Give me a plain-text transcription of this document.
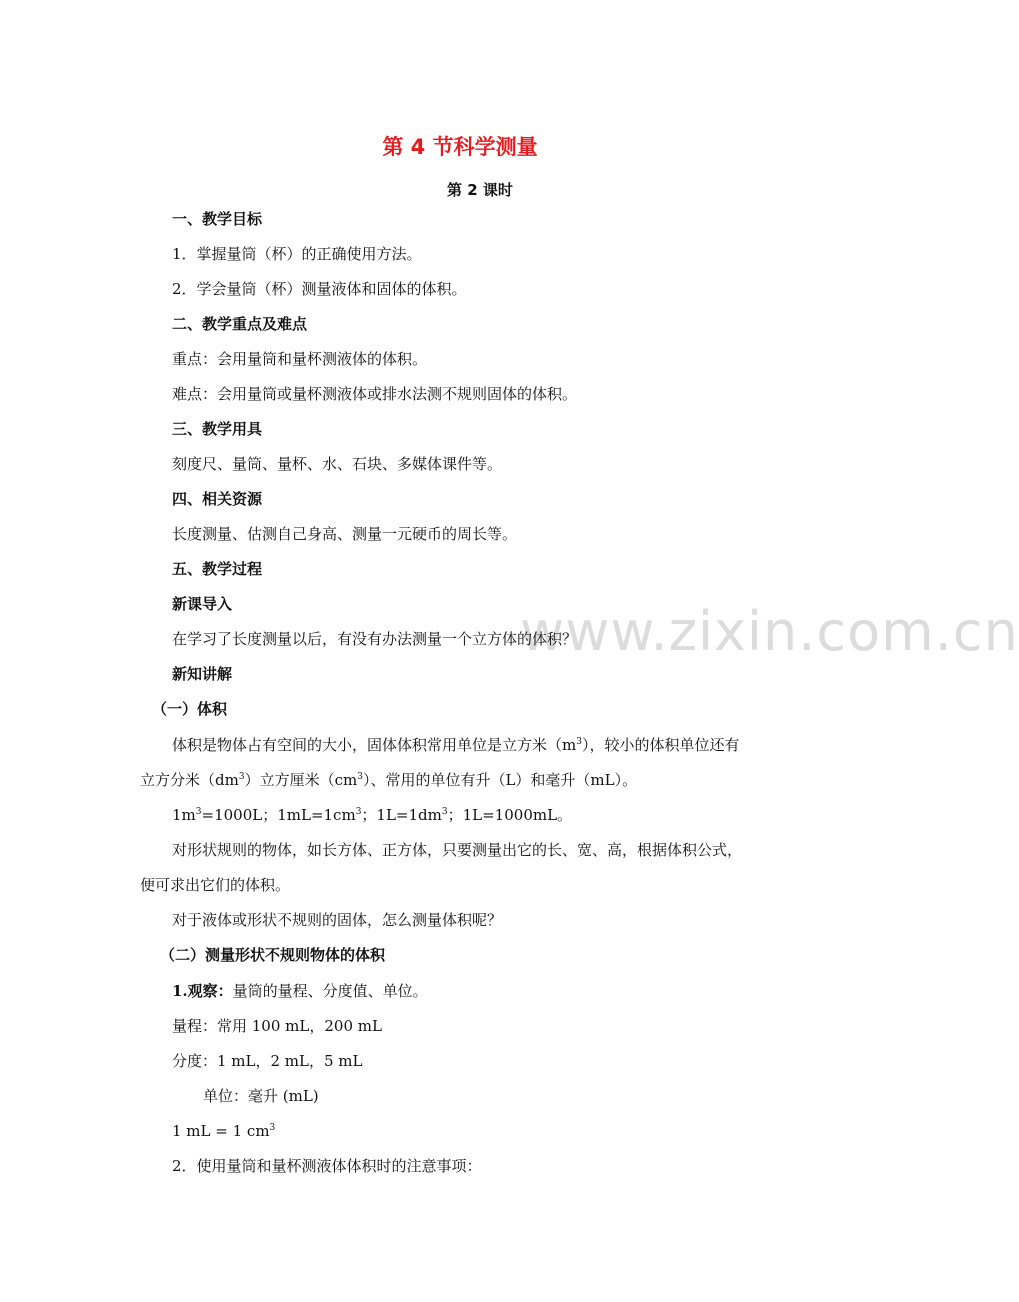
www.zixin.com.cn
第 4 节科学测量
第 2 课时
一、教学目标
1．掌握量筒（杯）的正确使用方法。
2．学会量筒（杯）测量液体和固体的体积。
二、教学重点及难点
重点：会用量筒和量杯测液体的体积。
难点：会用量筒或量杯测液体或排水法测不规则固体的体积。
三、教学用具
刻度尺、量筒、量杯、水、石块、多媒体课件等。
四、相关资源
长度测量、估测自己身高、测量一元硬币的周长等。
五、教学过程
新课导入
在学习了长度测量以后，有没有办法测量一个立方体的体积？
新知讲解
（一）体积
体积是物体占有空间的大小，固体体积常用单位是立方米$(m^3)$，较小的体积单位还有
立方分米$(dm^3)$立方厘米$(cm^3)$、常用的单位有升（L）和毫升（mL）。
$1m^3=1000L$；$1mL=1cm^3$；$1L=1dm^3$；1L=1000mL。
对形状规则的物体，如长方体、正方体，只要测量出它的长、宽、高，根据体积公式，
便可求出它们的体积。
对于液体或形状不规则的固体，怎么测量体积呢？
（二）测量形状不规则物体的体积
1.观察：量筒的量程、分度值、单位。
量程：常用 100 mL，200 mL
分度：1 mL，2 mL，5 mL
单位：毫升 (mL)
1 mL = 1 $cm^3$
2．使用量筒和量杯测液体体积时的注意事项：
